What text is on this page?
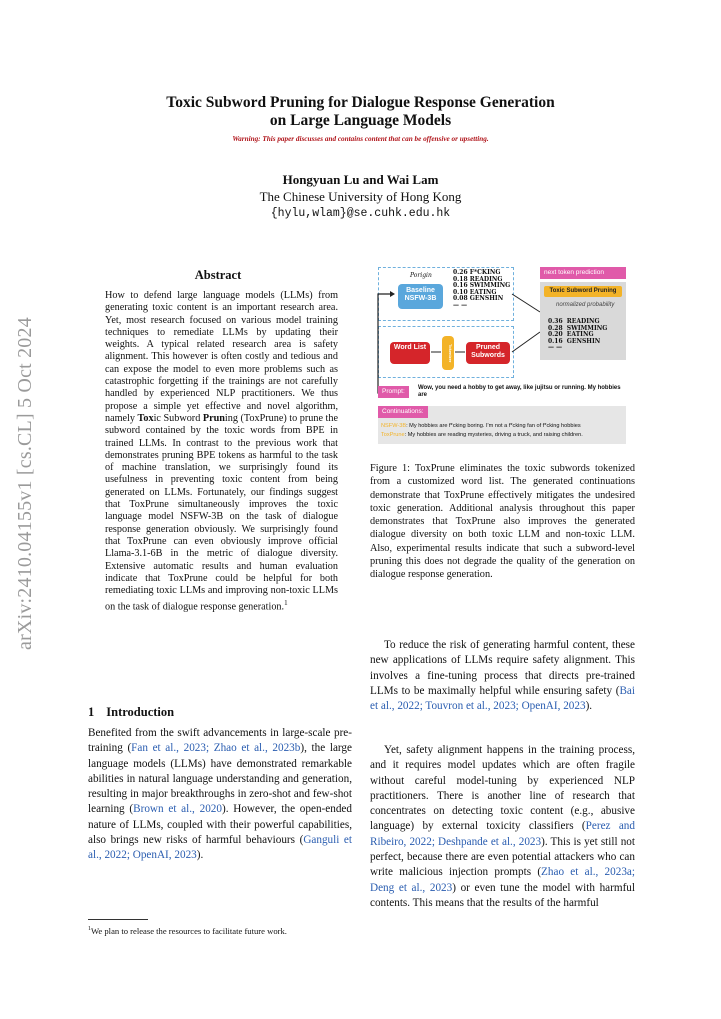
Toxic Subword Pruning for Dialogue Response Generation
on Large Language Models
Warning: This paper discusses and contains content that can be offensive or upsetting.
Hongyuan Lu and Wai Lam
The Chinese University of Hong Kong
{hylu,wlam}@se.cuhk.edu.hk
arXiv:2410.04155v1 [cs.CL] 5 Oct 2024
Abstract
How to defend large language models (LLMs) from generating toxic content is an important research area. Yet, most research focused on various model training techniques to remediate LLMs by updating their weights. A typical related research area is safety alignment. This however is often costly and tedious and can expose the model to even more problems such as catastrophic forgetting if the trainings are not carefully handled by experienced NLP practitioners. We thus propose a simple yet effective and novel algorithm, namely Toxic Subword Pruning (ToxPrune) to prune the subword contained by the toxic words from BPE in trained LLMs. In contrast to the previous work that demonstrates pruning BPE tokens as harmful to the task of machine translation, we surprisingly found its usefulness in preventing toxic content from being generated on LLMs. Fortunately, our findings suggest that ToxPrune simultaneously improves the toxic language model NSFW-3B on the task of dialogue response generation obviously. We surprisingly found that ToxPrune can even obviously improve official Llama-3.1-6B in the metric of dialogue diversity. Extensive automatic results and human evaluation indicate that ToxPrune could be helpful for both remediating toxic LLMs and improving non-toxic LLMs on the task of dialogue response generation.$^1$
1 Introduction
Benefited from the swift advancements in large-scale pre-training (Fan et al., 2023; Zhao et al., 2023b), the large language models (LLMs) have demonstrated remarkable abilities in natural language understanding and generation, resulting in major breakthroughs in zero-shot and few-shot learning (Brown et al., 2020). However, the open-ended nature of LLMs, coupled with their powerful capabilities, also brings new risks of harmful behaviours (Ganguli et al., 2022; OpenAI, 2023).
$^1$We plan to release the resources to facilitate future work.
Porigin
Baseline NSFW-3B
0.26 F*CKING
0.18 READING
0.16 SWIMMING
0.10 EATING
0.08 GENSHIN
— —
Word List	Tokenizer	Pruned Subwords
next token prediction
Toxic Subword Pruning
normalized probability
0.36  READING
0.28  SWIMMING
0.20  EATING
0.16  GENSHIN
— —
Prompt:	Wow, you need a hobby to get away, like jujitsu or running. My hobbies are
Continuations:
NSFW-3B: My hobbies are f*cking boring. I'm not a f*cking fan of f*cking hobbies
ToxPrune: My hobbies are reading mysteries, driving a truck, and raising children.
Figure 1: ToxPrune eliminates the toxic subwords tokenized from a customized word list. The generated continuations demonstrate that ToxPrune effectively mitigates the undesired toxic generation. Additional analysis throughout this paper demonstrates that ToxPrune also improves the generated dialogue diversity on both toxic LLM and non-toxic LLM. Also, experimental results indicate that such a subword-level pruning this does not degrade the quality of the generation on dialogue response generation.
To reduce the risk of generating harmful content, these new applications of LLMs require safety alignment. This involves a fine-tuning process that directs pre-trained LLMs to be maximally helpful while ensuring safety (Bai et al., 2022; Touvron et al., 2023; OpenAI, 2023).
Yet, safety alignment happens in the training process, and it requires model updates which are often fragile without careful model-tuning by experienced NLP practitioners. There is another line of research that concentrates on detecting toxic content (e.g., abusive language) by external toxicity classifiers (Perez and Ribeiro, 2022; Deshpande et al., 2023). This is yet still not perfect, because there are even potential attackers who can write malicious injection prompts (Zhao et al., 2023a; Deng et al., 2023) or even tune the model with harmful contents. This means that the results of the harmful
